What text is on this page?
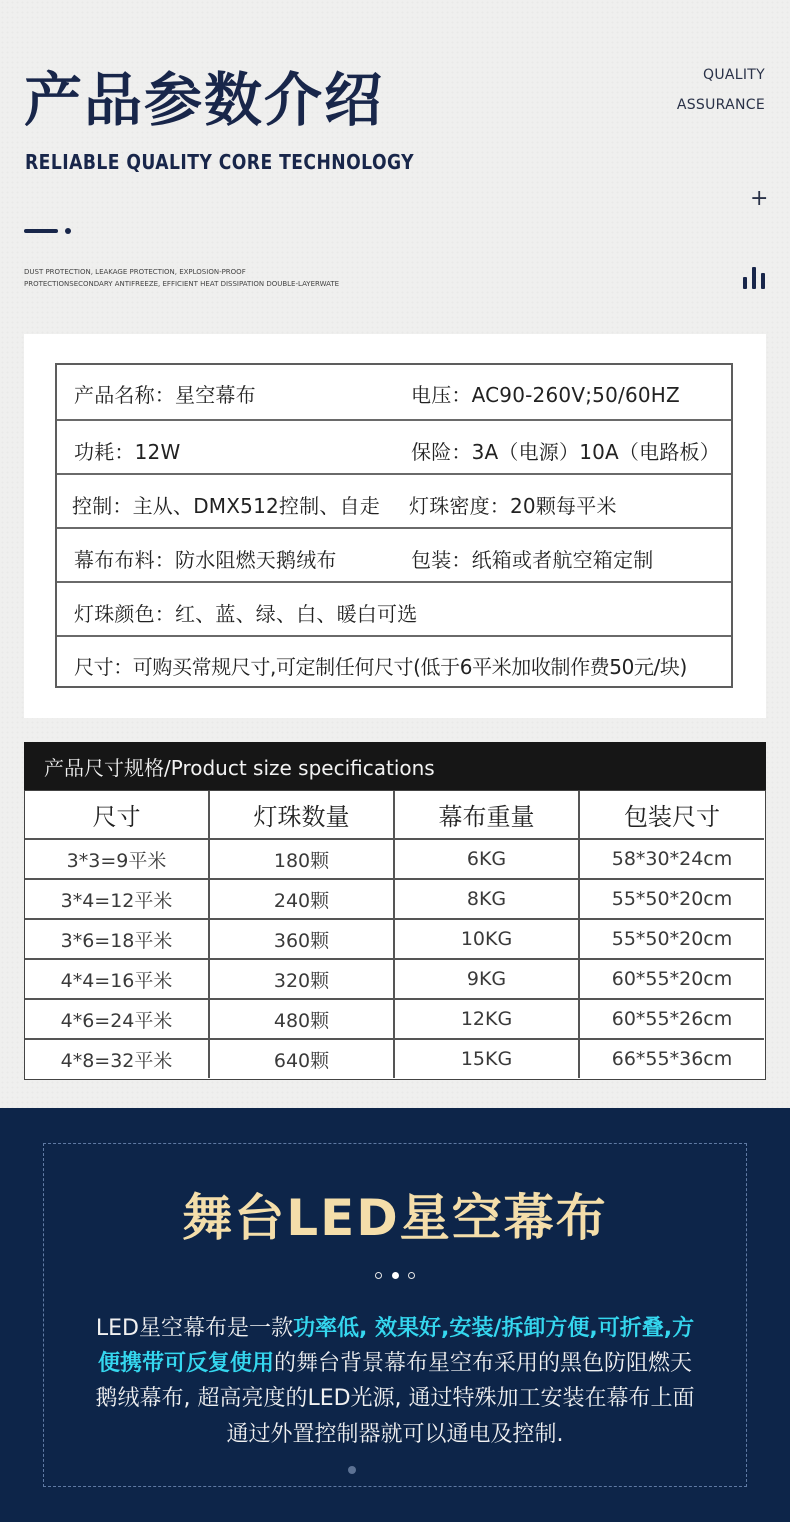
产品参数介绍
RELIABLE QUALITY CORE TECHNOLOGY
QUALITY
ASSURANCE
+
DUST PROTECTION, LEAKAGE PROTECTION, EXPLOSION-PROOF
PROTECTIONSECONDARY ANTIFREEZE, EFFICIENT HEAT DISSIPATION DOUBLE-LAYERWATE
产品名称：星空幕布	电压：AC90-260V;50/60HZ
功耗：12W	保险：3A（电源）10A（电路板）
控制：主从、DMX512控制、自走 灯珠密度：20颗每平米
幕布布料：防水阻燃天鹅绒布	包装：纸箱或者航空箱定制
灯珠颜色：红、蓝、绿、白、暖白可选
尺寸：可购买常规尺寸,可定制任何尺寸(低于6平米加收制作费50元/块)
产品尺寸规格/Product size specifications
尺寸	灯珠数量	幕布重量	包装尺寸
3*3=9平米	180颗	6KG	58*30*24cm
3*4=12平米	240颗	8KG	55*50*20cm
3*6=18平米	360颗	10KG	55*50*20cm
4*4=16平米	320颗	9KG	60*55*20cm
4*6=24平米	480颗	12KG	60*55*26cm
4*8=32平米	640颗	15KG	66*55*36cm
舞台LED星空幕布
LED星空幕布是一款功率低, 效果好,安装/拆卸方便,可折叠,方
便携带可反复使用的舞台背景幕布星空布采用的黑色防阻燃天
鹅绒幕布, 超高亮度的LED光源, 通过特殊加工安装在幕布上面
通过外置控制器就可以通电及控制.
